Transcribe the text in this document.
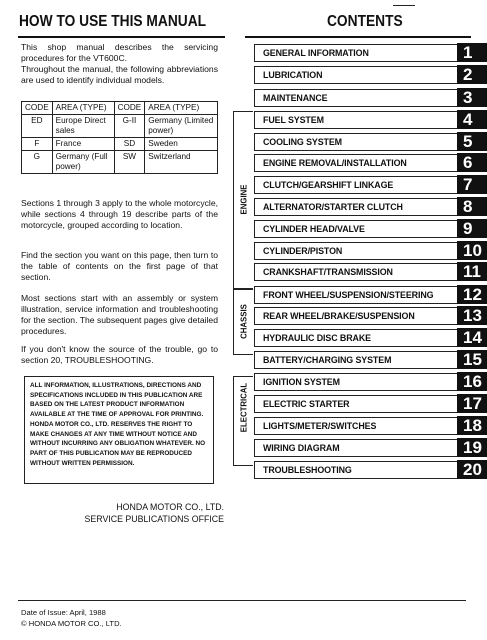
HOW TO USE THIS MANUAL	CONTENTS
This shop manual describes the servicing procedures for the VT600C.
Throughout the manual, the following abbreviations are used to identify individual models.
CODE	AREA (TYPE)	CODE	AREA (TYPE)
ED	Europe Direct sales	G-II	Germany (Limited power)
F	France	SD	Sweden
G	Germany (Full power)	SW	Switzerland
Sections 1 through 3 apply to the whole motorcycle, while sections 4 through 19 describe parts of the motorcycle, grouped according to location.
Find the section you want on this page, then turn to the table of contents on the first page of that section.
Most sections start with an assembly or system illustration, service information and troubleshooting for the section. The subsequent pages give detailed procedures.
If you don't know the source of the trouble, go to section 20, TROUBLESHOOTING.
ALL INFORMATION, ILLUSTRATIONS, DIRECTIONS AND SPECIFICATIONS INCLUDED IN THIS PUBLICATION ARE BASED ON THE LATEST PRODUCT INFORMATION AVAILABLE AT THE TIME OF APPROVAL FOR PRINTING. HONDA MOTOR CO., LTD. RESERVES THE RIGHT TO MAKE CHANGES AT ANY TIME WITHOUT NOTICE AND WITHOUT INCURRING ANY OBLIGATION WHATEVER. NO PART OF THIS PUBLICATION MAY BE REPRODUCED WITHOUT WRITTEN PERMISSION.
HONDA MOTOR CO., LTD.
SERVICE PUBLICATIONS OFFICE
Date of Issue: April, 1988
© HONDA MOTOR CO., LTD.
ENGINE
CHASSIS
ELECTRICAL
GENERAL INFORMATION	1
LUBRICATION	2
MAINTENANCE	3
FUEL SYSTEM	4
COOLING SYSTEM	5
ENGINE REMOVAL/INSTALLATION	6
CLUTCH/GEARSHIFT LINKAGE	7
ALTERNATOR/STARTER CLUTCH	8
CYLINDER HEAD/VALVE	9
CYLINDER/PISTON	10
CRANKSHAFT/TRANSMISSION	11
FRONT WHEEL/SUSPENSION/STEERING	12
REAR WHEEL/BRAKE/SUSPENSION	13
HYDRAULIC DISC BRAKE	14
BATTERY/CHARGING SYSTEM	15
IGNITION SYSTEM	16
ELECTRIC STARTER	17
LIGHTS/METER/SWITCHES	18
WIRING DIAGRAM	19
TROUBLESHOOTING	20
